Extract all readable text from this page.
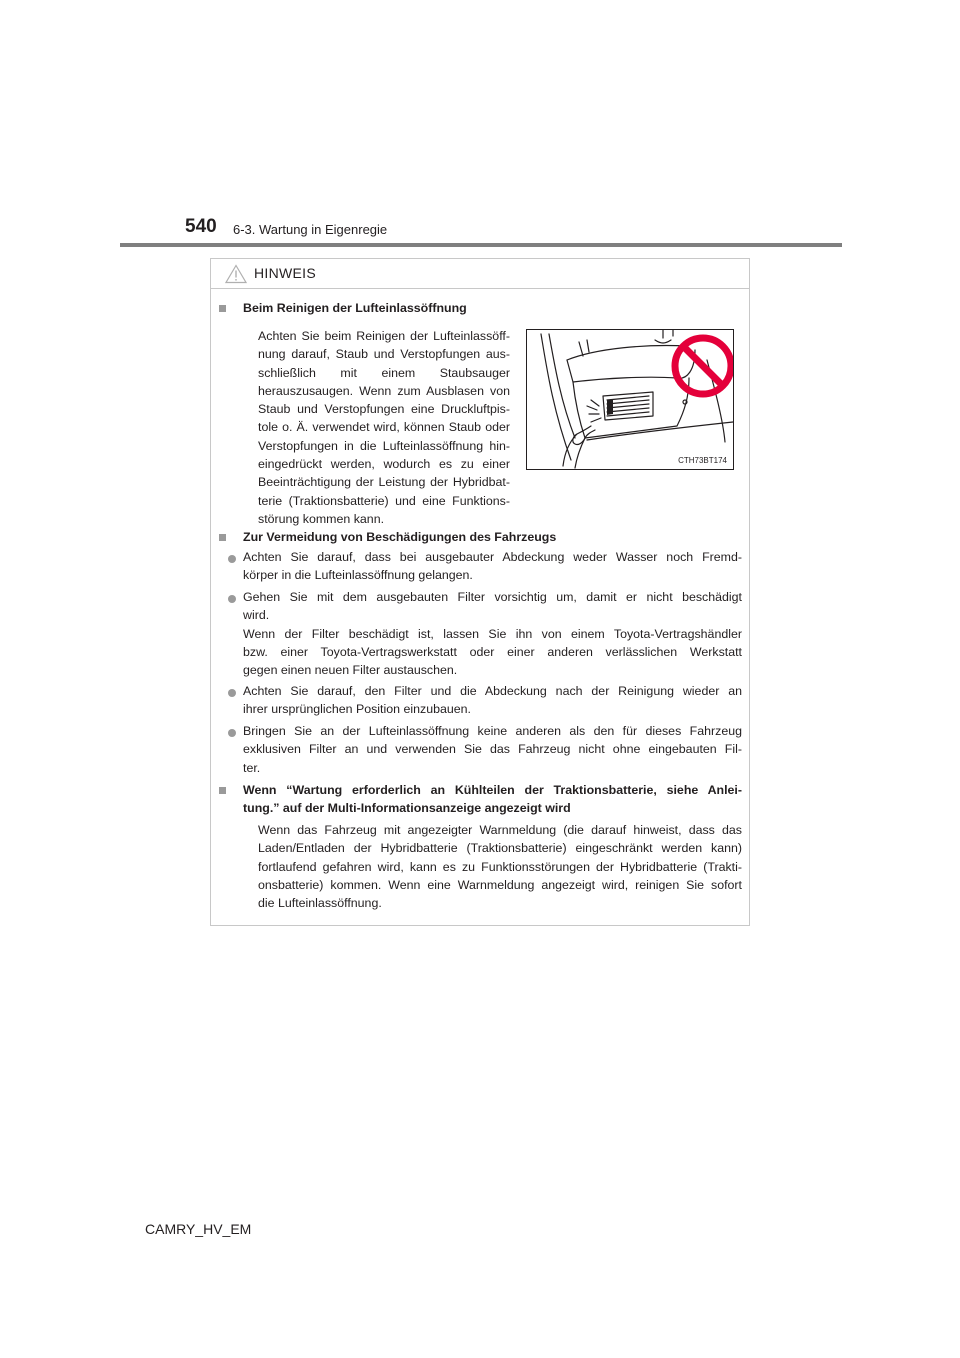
540 6-3. Wartung in Eigenregie
HINWEIS
Beim Reinigen der Lufteinlassöffnung
Achten Sie beim Reinigen der Lufteinlassöff-
nung darauf, Staub und Verstopfungen aus-
schließlich mit einem Staubsauger
herauszusaugen. Wenn zum Ausblasen von
Staub und Verstopfungen eine Druckluftpis-
tole o. Ä. verwendet wird, können Staub oder
Verstopfungen in die Lufteinlassöffnung hin-
eingedrückt werden, wodurch es zu einer
Beeinträchtigung der Leistung der Hybridbat-
terie (Traktionsbatterie) und eine Funktions-
störung kommen kann.
CTH73BT174
Zur Vermeidung von Beschädigungen des Fahrzeugs
Achten Sie darauf, dass bei ausgebauter Abdeckung weder Wasser noch Fremd-
körper in die Lufteinlassöffnung gelangen.
Gehen Sie mit dem ausgebauten Filter vorsichtig um, damit er nicht beschädigt
wird.
Wenn der Filter beschädigt ist, lassen Sie ihn von einem Toyota-Vertragshändler
bzw. einer Toyota-Vertragswerkstatt oder einer anderen verlässlichen Werkstatt
gegen einen neuen Filter austauschen.
Achten Sie darauf, den Filter und die Abdeckung nach der Reinigung wieder an
ihrer ursprünglichen Position einzubauen.
Bringen Sie an der Lufteinlassöffnung keine anderen als den für dieses Fahrzeug
exklusiven Filter an und verwenden Sie das Fahrzeug nicht ohne eingebauten Fil-
ter.
Wenn “Wartung erforderlich an Kühlteilen der Traktionsbatterie, siehe Anlei-
tung.” auf der Multi-Informationsanzeige angezeigt wird
Wenn das Fahrzeug mit angezeigter Warnmeldung (die darauf hinweist, dass das
Laden/Entladen der Hybridbatterie (Traktionsbatterie) eingeschränkt werden kann)
fortlaufend gefahren wird, kann es zu Funktionsstörungen der Hybridbatterie (Trakti-
onsbatterie) kommen. Wenn eine Warnmeldung angezeigt wird, reinigen Sie sofort
die Lufteinlassöffnung.
CAMRY_HV_EM
